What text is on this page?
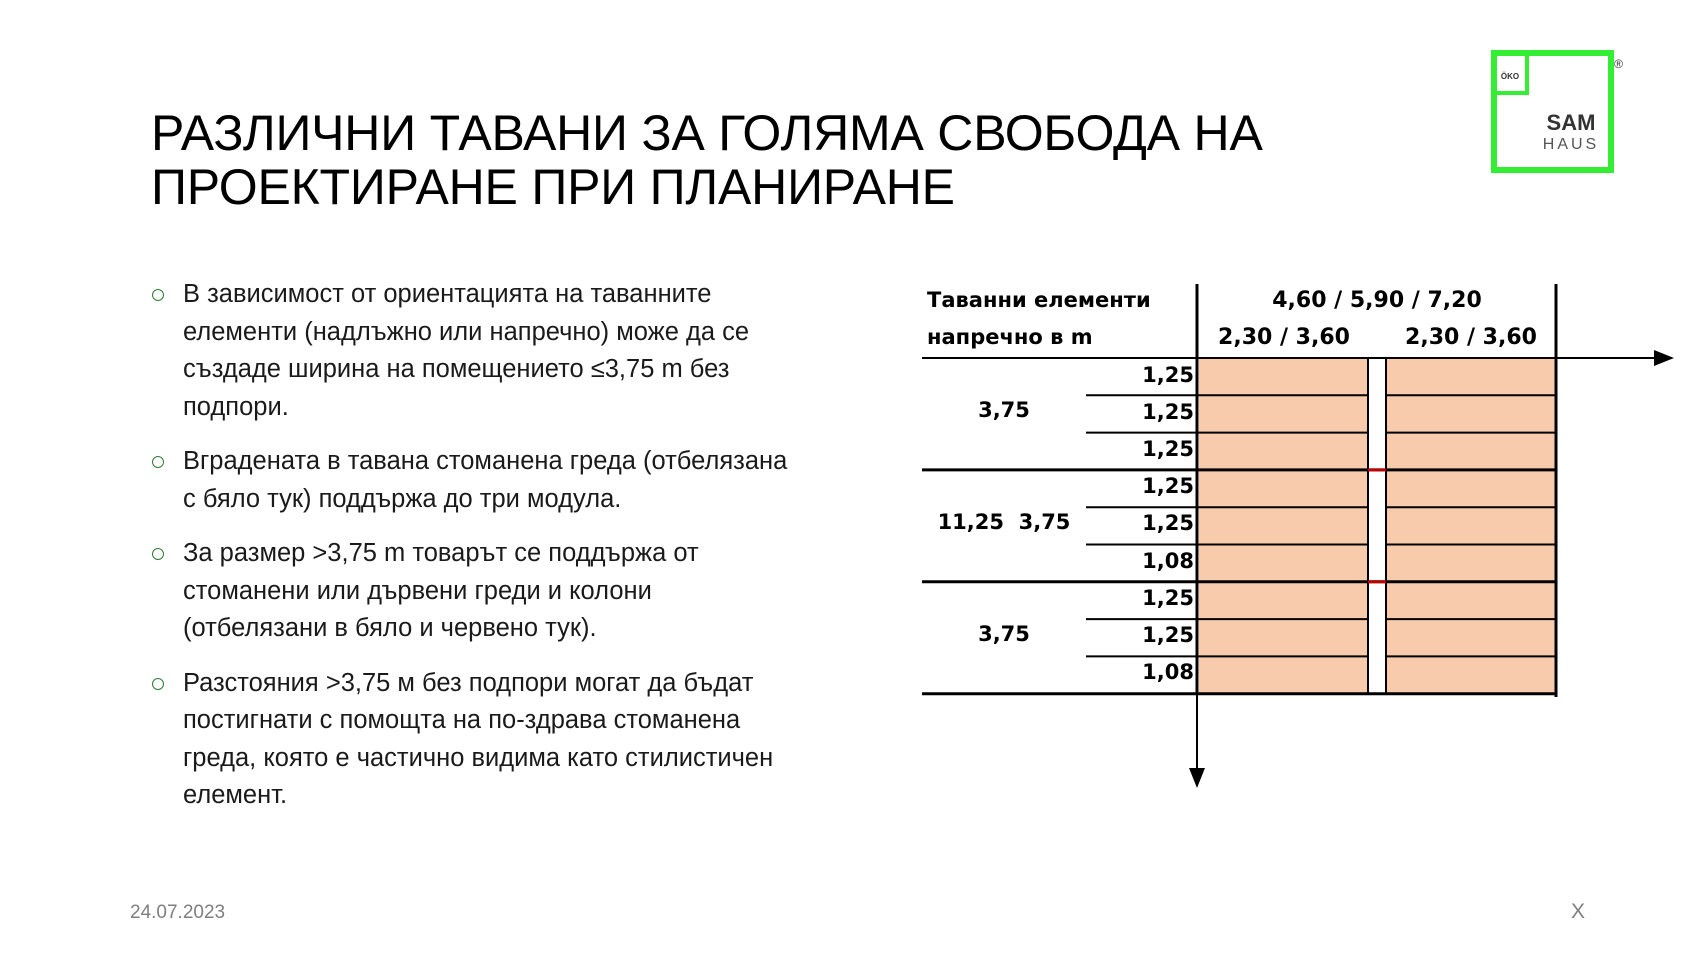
РАЗЛИЧНИ ТАВАНИ ЗА ГОЛЯМА СВОБОДА НА
ПРОЕКТИРАНЕ ПРИ ПЛАНИРАНЕ
В зависимост от ориентацията на таванните
елементи (надлъжно или напречно) може да се
създаде ширина на помещението ≤3,75 m без
подпори.
Вградената в тавана стоманена греда (отбелязана
с бяло тук) поддържа до три модула.
За размер >3,75 m товарът се поддържа от
стоманени или дървени греди и колони
(отбелязани в бяло и червено тук).
Разстояния >3,75 м без подпори могат да бъдат
постигнати с помощта на по-здрава стоманена
греда, която е частично видима като стилистичен
елемент.
ÖKO
SAM
HAUS
®
Таванни елементи
напречно в m
4,60 / 5,90 / 7,20
2,30 / 3,60	2,30 / 3,60
3,75
11,25  3,75
3,75
1,25
1,25
1,25
1,25
1,25
1,08
1,25
1,25
1,08
24.07.2023	X
